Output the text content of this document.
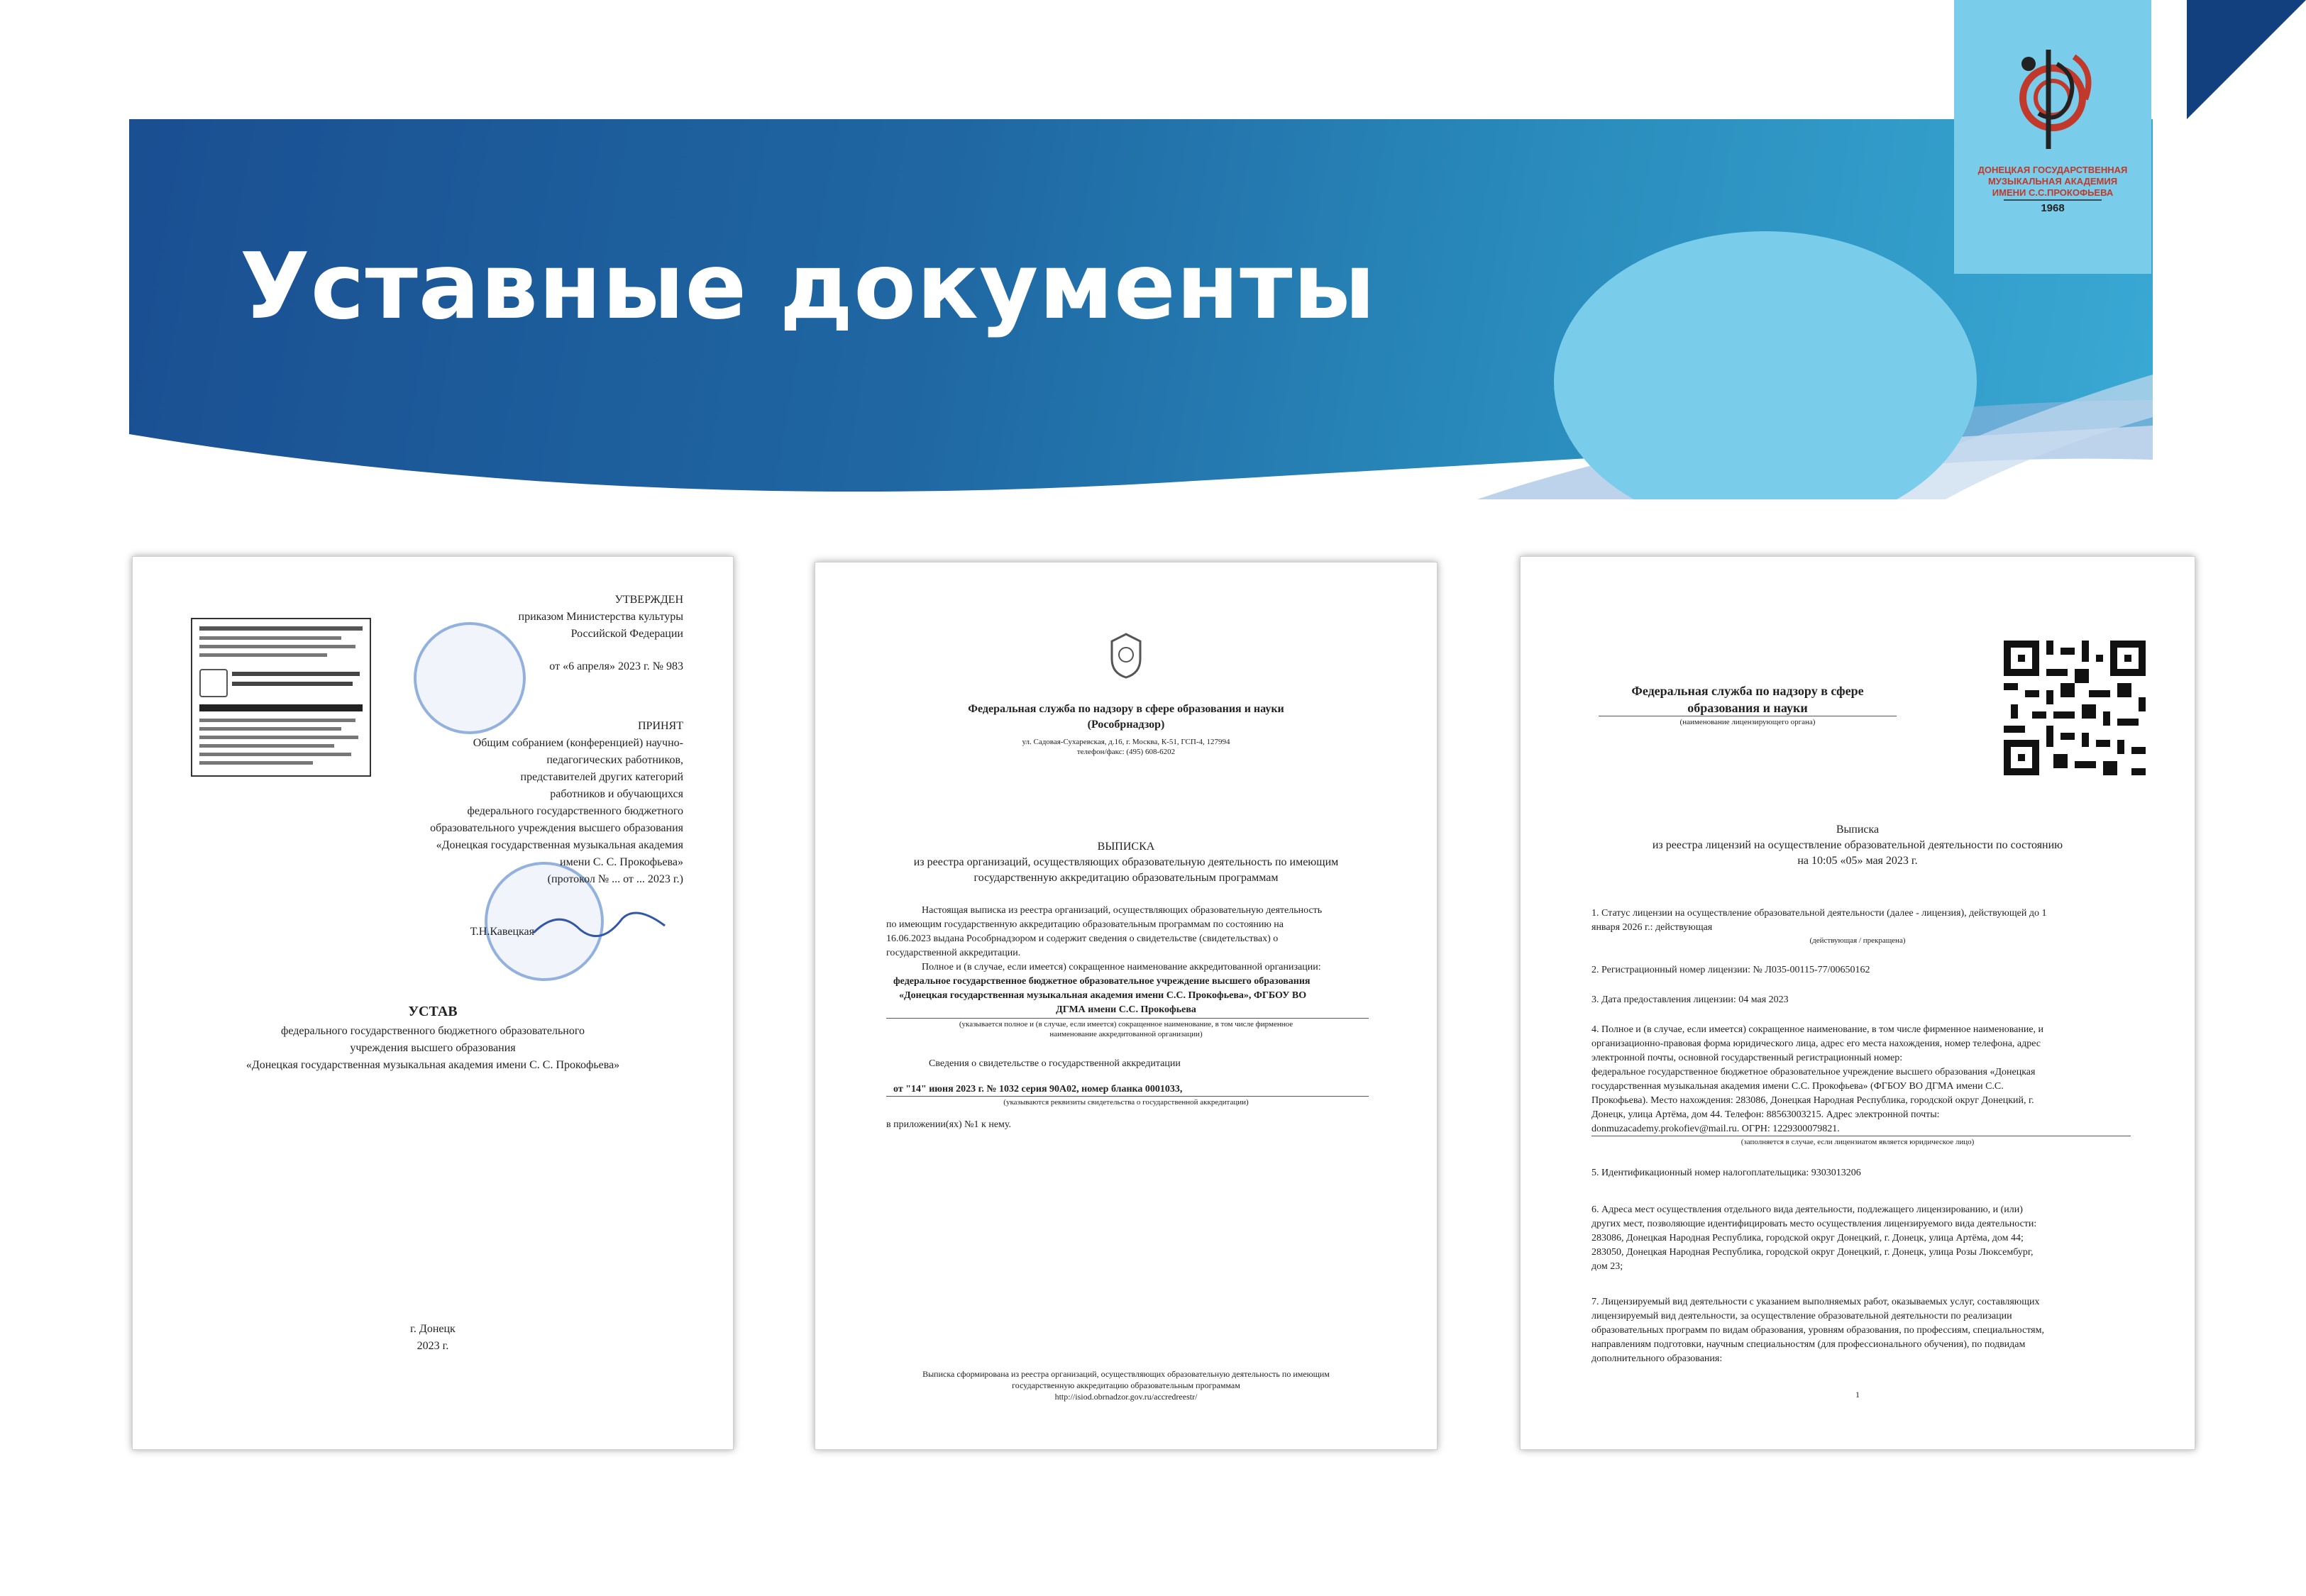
Уставные документы
ДОНЕЦКАЯ ГОСУДАРСТВЕННАЯ
МУЗЫКАЛЬНАЯ АКАДЕМИЯ
ИМЕНИ С.С.ПРОКОФЬЕВА
1968
УТВЕРЖДЕН
приказом Министерства культуры
Российской Федерации
от «6 апреля» 2023 г. № 983
ПРИНЯТ
Общим собранием (конференцией) научно-
педагогических работников,
представителей других категорий
работников и обучающихся
федерального государственного бюджетного
образовательного учреждения высшего образования
«Донецкая государственная музыкальная академия
имени С. С. Прокофьева»
(протокол № ... от ... 2023 г.)
Т.Н.Кавецкая
УСТАВ
федерального государственного бюджетного образовательного
учреждения высшего образования
«Донецкая государственная музыкальная академия имени С. С. Прокофьева»
г. Донецк
2023 г.
Федеральная служба по надзору в сфере образования и науки
(Рособрнадзор)
ул. Садовая-Сухаревская, д.16, г. Москва, К-51, ГСП-4, 127994
телефон/факс: (495) 608-6202
ВЫПИСКА
из реестра организаций, осуществляющих образовательную деятельность по имеющим
государственную аккредитацию образовательным программам
Настоящая выписка из реестра организаций, осуществляющих образовательную деятельность
по имеющим государственную аккредитацию образовательным программам по состоянию на
16.06.2023 выдана Рособрнадзором и содержит сведения о свидетельстве (свидетельствах) о
государственной аккредитации.
Полное и (в случае, если имеется) сокращенное наименование аккредитованной организации:
федеральное государственное бюджетное образовательное учреждение высшего образования
«Донецкая государственная музыкальная академия имени С.С. Прокофьева», ФГБОУ ВО
ДГМА имени С.С. Прокофьева
(указывается полное и (в случае, если имеется) сокращенное наименование, в том числе фирменное
наименование аккредитованной организации)
Сведения о свидетельстве о государственной аккредитации
от "14" июня 2023 г. № 1032 серия 90А02, номер бланка 0001033,
(указываются реквизиты свидетельства о государственной аккредитации)
в приложении(ях) №1 к нему.
Выписка сформирована из реестра организаций, осуществляющих образовательную деятельность по имеющим
государственную аккредитацию образовательным программам
http://isiod.obrnadzor.gov.ru/accredreestr/
Федеральная служба по надзору в сфере
образования и науки
(наименование лицензирующего органа)
Выписка
из реестра лицензий на осуществление образовательной деятельности по состоянию
на 10:05 «05» мая 2023 г.
1. Статус лицензии на осуществление образовательной деятельности (далее - лицензия), действующей до 1
января 2026 г.: действующая
(действующая / прекращена)
2. Регистрационный номер лицензии: № Л035-00115-77/00650162
3. Дата предоставления лицензии: 04 мая 2023
4. Полное и (в случае, если имеется) сокращенное наименование, в том числе фирменное наименование, и
организационно-правовая форма юридического лица, адрес его места нахождения, номер телефона, адрес
электронной почты, основной государственный регистрационный номер:
федеральное государственное бюджетное образовательное учреждение высшего образования «Донецкая
государственная музыкальная академия имени С.С. Прокофьева» (ФГБОУ ВО ДГМА имени С.С.
Прокофьева). Место нахождения: 283086, Донецкая Народная Республика, городской округ Донецкий, г.
Донецк, улица Артёма, дом 44. Телефон: 88563003215. Адрес электронной почты:
donmuzacademy.prokofiev@mail.ru. ОГРН: 1229300079821.
(заполняется в случае, если лицензиатом является юридическое лицо)
5. Идентификационный номер налогоплательщика: 9303013206
6. Адреса мест осуществления отдельного вида деятельности, подлежащего лицензированию, и (или)
других мест, позволяющие идентифицировать место осуществления лицензируемого вида деятельности:
283086, Донецкая Народная Республика, городской округ Донецкий, г. Донецк, улица Артёма, дом 44;
283050, Донецкая Народная Республика, городской округ Донецкий, г. Донецк, улица Розы Люксембург,
дом 23;
7. Лицензируемый вид деятельности с указанием выполняемых работ, оказываемых услуг, составляющих
лицензируемый вид деятельности, за осуществление образовательной деятельности по реализации
образовательных программ по видам образования, уровням образования, по профессиям, специальностям,
направлениям подготовки, научным специальностям (для профессионального обучения), по подвидам
дополнительного образования:
1
